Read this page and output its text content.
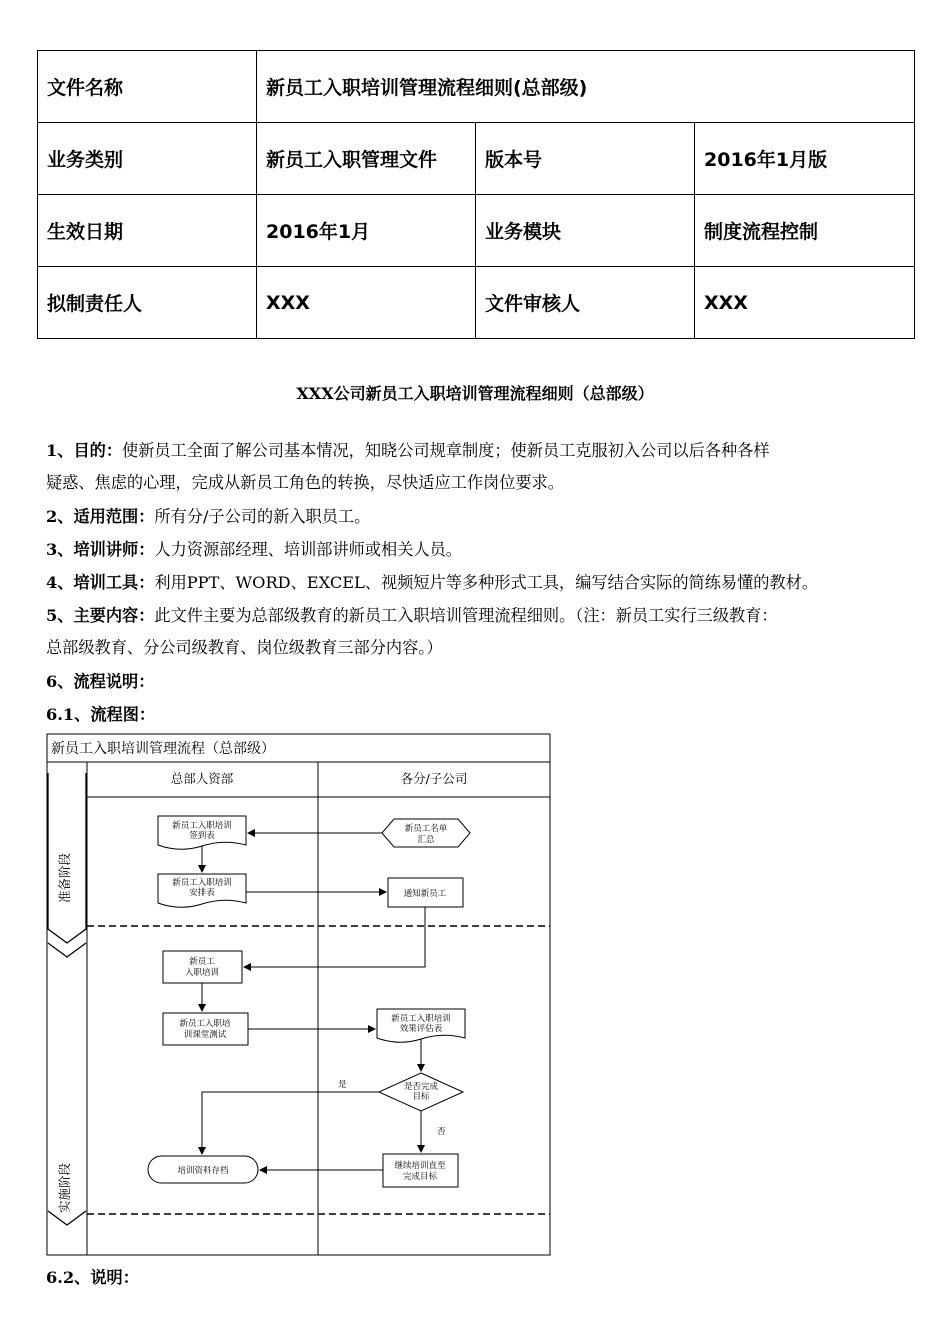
文件名称	新员工入职培训管理流程细则(总部级)		
业务类别	新员工入职管理文件	版本号	2016年1月版
生效日期	2016年1月	业务模块	制度流程控制
拟制责任人	XXX	文件审核人	XXX
XXX公司新员工入职培训管理流程细则（总部级）
1、目的：使新员工全面了解公司基本情况，知晓公司规章制度；使新员工克服初入公司以后各种各样
疑惑、焦虑的心理，完成从新员工角色的转换，尽快适应工作岗位要求。
2、适用范围：所有分/子公司的新入职员工。
3、培训讲师：人力资源部经理、培训部讲师或相关人员。
4、培训工具：利用PPT、WORD、EXCEL、视频短片等多种形式工具，编写结合实际的简练易懂的教材。
5、主要内容：此文件主要为总部级教育的新员工入职培训管理流程细则。（注：新员工实行三级教育：
总部级教育、分公司级教育、岗位级教育三部分内容。）
6、流程说明：
6.1、流程图：
新员工入职培训管理流程（总部级）
总部人资部	各分/子公司
准备阶段
实施阶段
新员工入职培训
签到表
新员工名单
汇总
新员工入职培训
安排表	通知新员工
新员工
入职培训
新员工入职培
训课堂测试
新员工入职培训
效果评估表
是否完成
目标
培训资料存档	继续培训直至
完成目标
是
否
6.2、说明：
